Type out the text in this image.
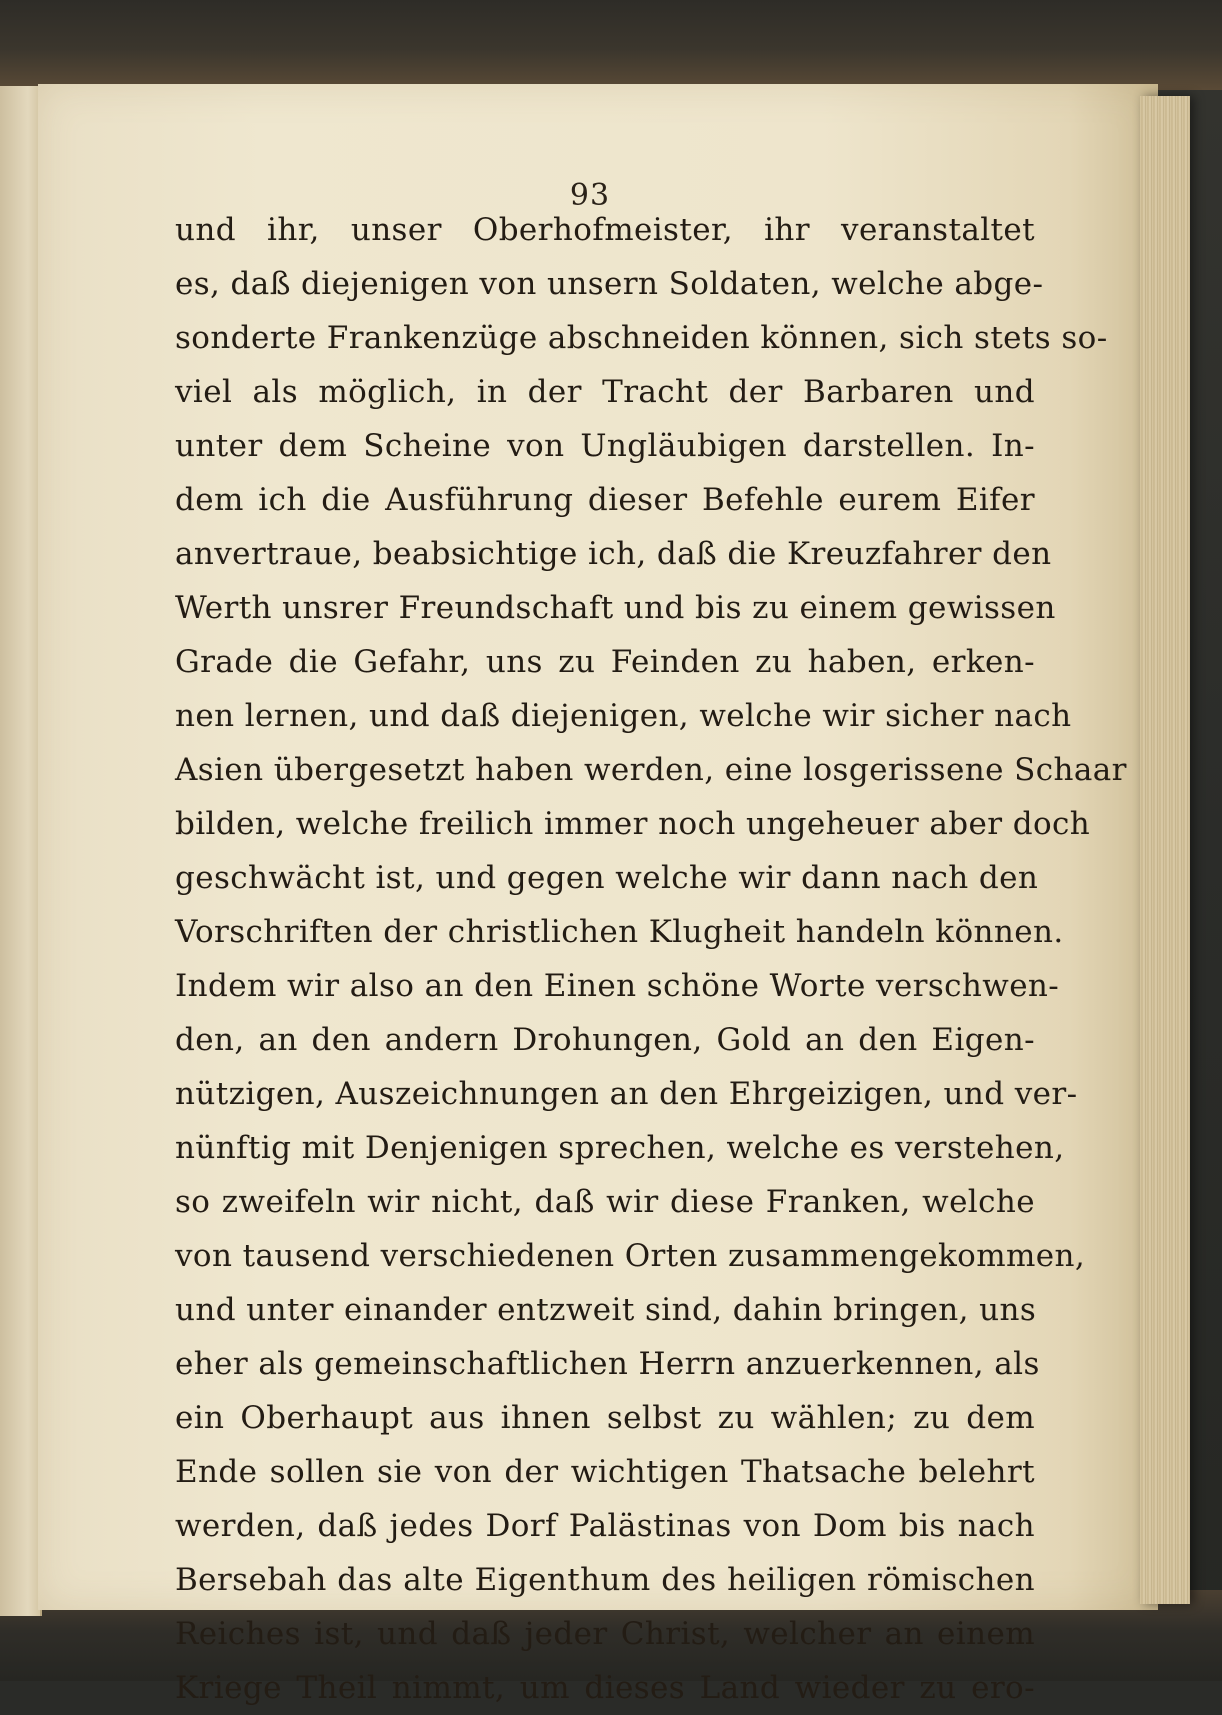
93
und ihr, unser Oberhofmeister, ihr veranstaltet
es, daß diejenigen von unsern Soldaten, welche abge-
sonderte Frankenzüge abschneiden können, sich stets so-
viel als möglich, in der Tracht der Barbaren und
unter dem Scheine von Ungläubigen darstellen. In-
dem ich die Ausführung dieser Befehle eurem Eifer
anvertraue, beabsichtige ich, daß die Kreuzfahrer den
Werth unsrer Freundschaft und bis zu einem gewissen
Grade die Gefahr, uns zu Feinden zu haben, erken-
nen lernen, und daß diejenigen, welche wir sicher nach
Asien übergesetzt haben werden, eine losgerissene Schaar
bilden, welche freilich immer noch ungeheuer aber doch
geschwächt ist, und gegen welche wir dann nach den
Vorschriften der christlichen Klugheit handeln können.
Indem wir also an den Einen schöne Worte verschwen-
den, an den andern Drohungen, Gold an den Eigen-
nützigen, Auszeichnungen an den Ehrgeizigen, und ver-
nünftig mit Denjenigen sprechen, welche es verstehen,
so zweifeln wir nicht, daß wir diese Franken, welche
von tausend verschiedenen Orten zusammengekommen,
und unter einander entzweit sind, dahin bringen, uns
eher als gemeinschaftlichen Herrn anzuerkennen, als
ein Oberhaupt aus ihnen selbst zu wählen; zu dem
Ende sollen sie von der wichtigen Thatsache belehrt
werden, daß jedes Dorf Palästinas von Dom bis nach
Bersebah das alte Eigenthum des heiligen römischen
Reiches ist, und daß jeder Christ, welcher an einem
Kriege Theil nimmt, um dieses Land wieder zu ero-
